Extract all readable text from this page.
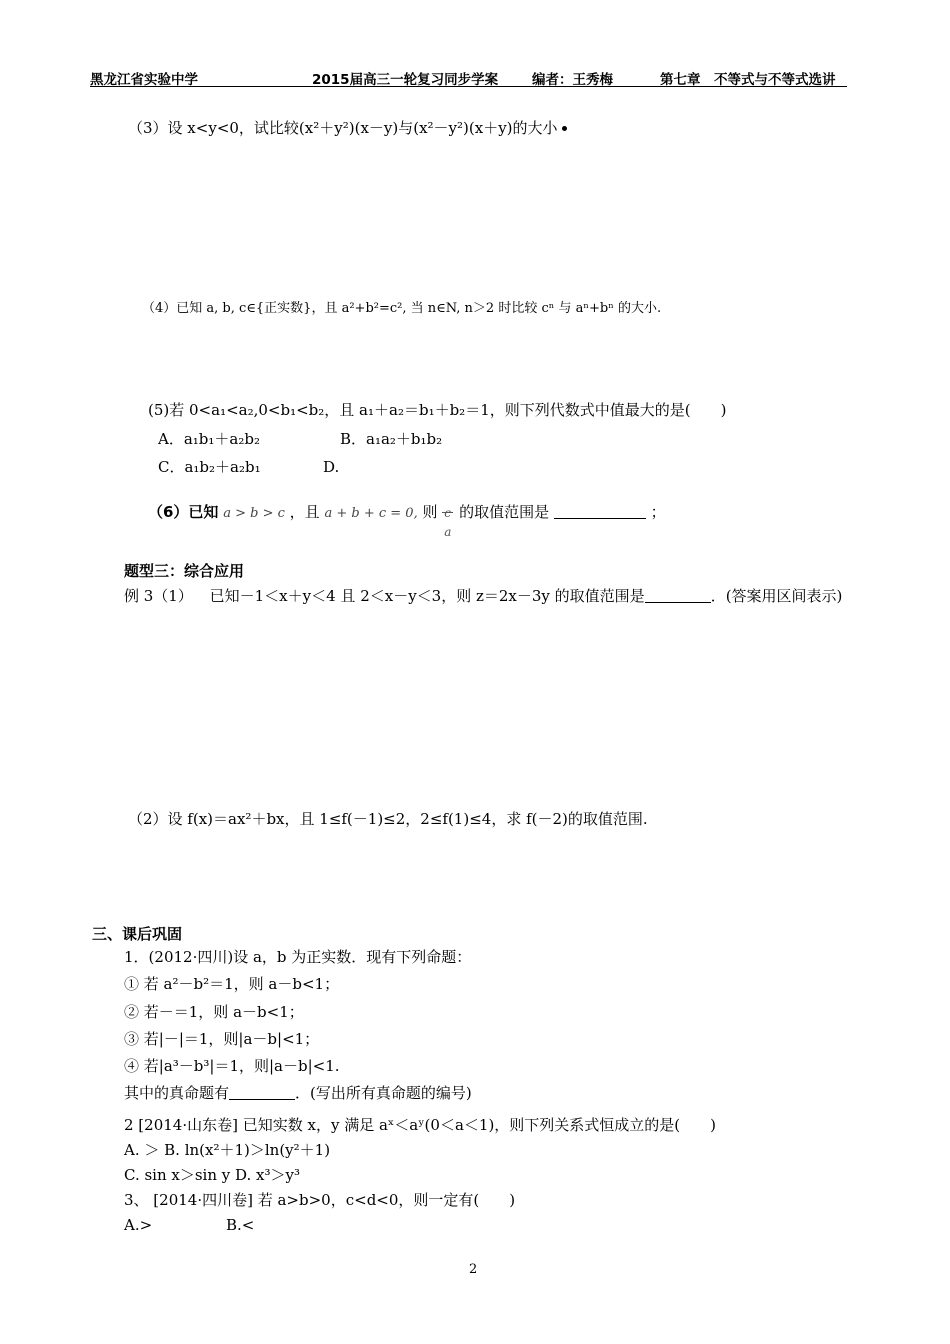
黑龙江省实验中学	2015届高三一轮复习同步学案	编者：王秀梅	第七章　不等式与不等式选讲
（3）设 x<y<0，试比较(x²＋y²)(x－y)与(x²－y²)(x＋y)的大小
（4）已知 a, b, c∈{正实数}，且 a²+b²=c², 当 n∈N, n＞2 时比较 cⁿ 与 aⁿ+bⁿ 的大小.
(5)若 0<a₁<a₂,0<b₁<b₂，且 a₁＋a₂＝b₁＋b₂＝1，则下列代数式中值最大的是(　　)
A．a₁b₁＋a₂b₂	B．a₁a₂＋b₁b₂
C．a₁b₂＋a₂b₁	D.
（6）已知 a > b > c ，且 a + b + c = 0, 则 c
a
的取值范围是	；
题型三：综合应用
例 3（1） 已知－1＜x＋y＜4 且 2＜x－y＜3，则 z＝2x－3y 的取值范围是	．(答案用区间表示)
（2）设 f(x)＝ax²＋bx，且 1≤f(－1)≤2，2≤f(1)≤4，求 f(－2)的取值范围.
三、课后巩固
1．(2012·四川)设 a，b 为正实数．现有下列命题：
① 若 a²－b²＝1，则 a－b<1；
② 若－＝1，则 a－b<1；
③ 若|－|＝1，则|a－b|<1；
④ 若|a³－b³|＝1，则|a－b|<1.
其中的真命题有	．(写出所有真命题的编号)
2 [2014·山东卷] 已知实数 x，y 满足 aˣ＜aʸ(0＜a＜1)，则下列关系式恒成立的是(　　)
A. ＞ B. ln(x²＋1)＞ln(y²＋1)
C. sin x＞sin y D. x³＞y³
3、 [2014·四川卷] 若 a>b>0，c<d<0，则一定有(　　)
A.>	B.<
2
